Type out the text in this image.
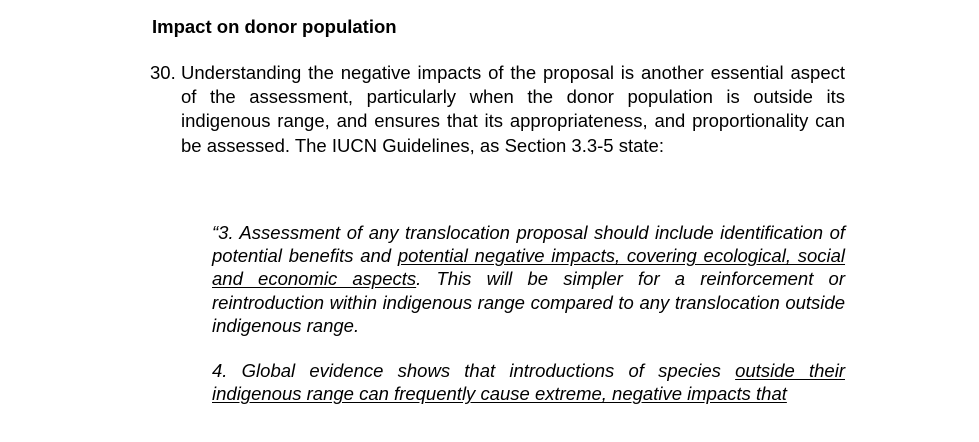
Impact on donor population
30. Understanding the negative impacts of the proposal is another essential aspect of the assessment, particularly when the donor population is outside its indigenous range, and ensures that its appropriateness, and proportionality can be assessed. The IUCN Guidelines, as Section 3.3-5 state:
“3. Assessment of any translocation proposal should include identification of potential benefits and potential negative impacts, covering ecological, social and economic aspects. This will be simpler for a reinforcement or reintroduction within indigenous range compared to any translocation outside indigenous range.
4. Global evidence shows that introductions of species outside their indigenous range can frequently cause extreme, negative impacts that
